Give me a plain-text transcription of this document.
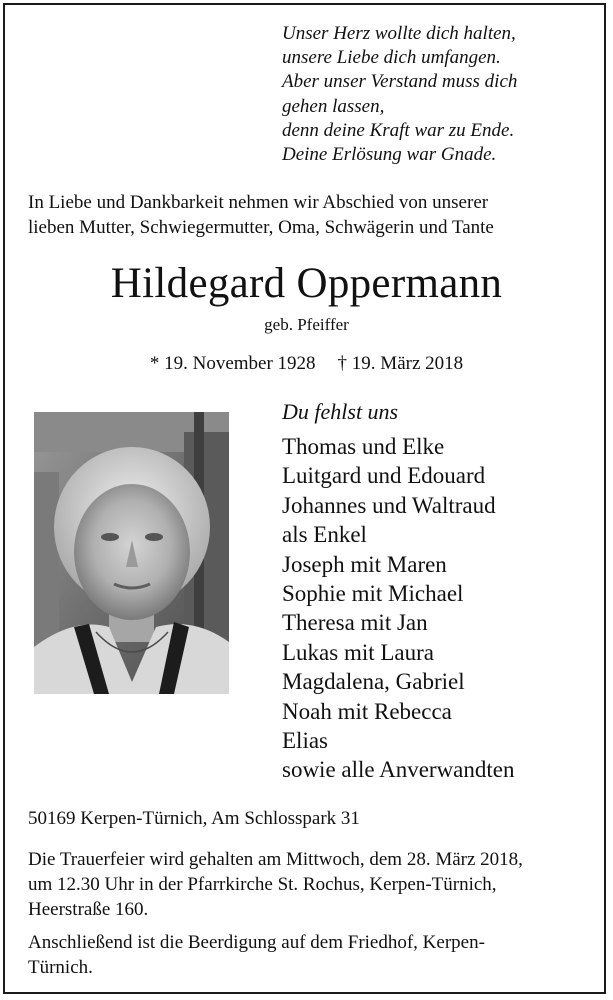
Unser Herz wollte dich halten,
unsere Liebe dich umfangen.
Aber unser Verstand muss dich
gehen lassen,
denn deine Kraft war zu Ende.
Deine Erlösung war Gnade.
In Liebe und Dankbarkeit nehmen wir Abschied von unserer
lieben Mutter, Schwiegermutter, Oma, Schwägerin und Tante
Hildegard Oppermann
geb. Pfeiffer
* 19. November 1928 † 19. März 2018
Du fehlst uns
Thomas und Elke
Luitgard und Edouard
Johannes und Waltraud
als Enkel
Joseph mit Maren
Sophie mit Michael
Theresa mit Jan
Lukas mit Laura
Magdalena, Gabriel
Noah mit Rebecca
Elias
sowie alle Anverwandten
50169 Kerpen-Türnich, Am Schlosspark 31
Die Trauerfeier wird gehalten am Mittwoch, dem 28. März 2018,
um 12.30 Uhr in der Pfarrkirche St. Rochus, Kerpen-Türnich,
Heerstraße 160.
Anschließend ist die Beerdigung auf dem Friedhof, Kerpen-
Türnich.
